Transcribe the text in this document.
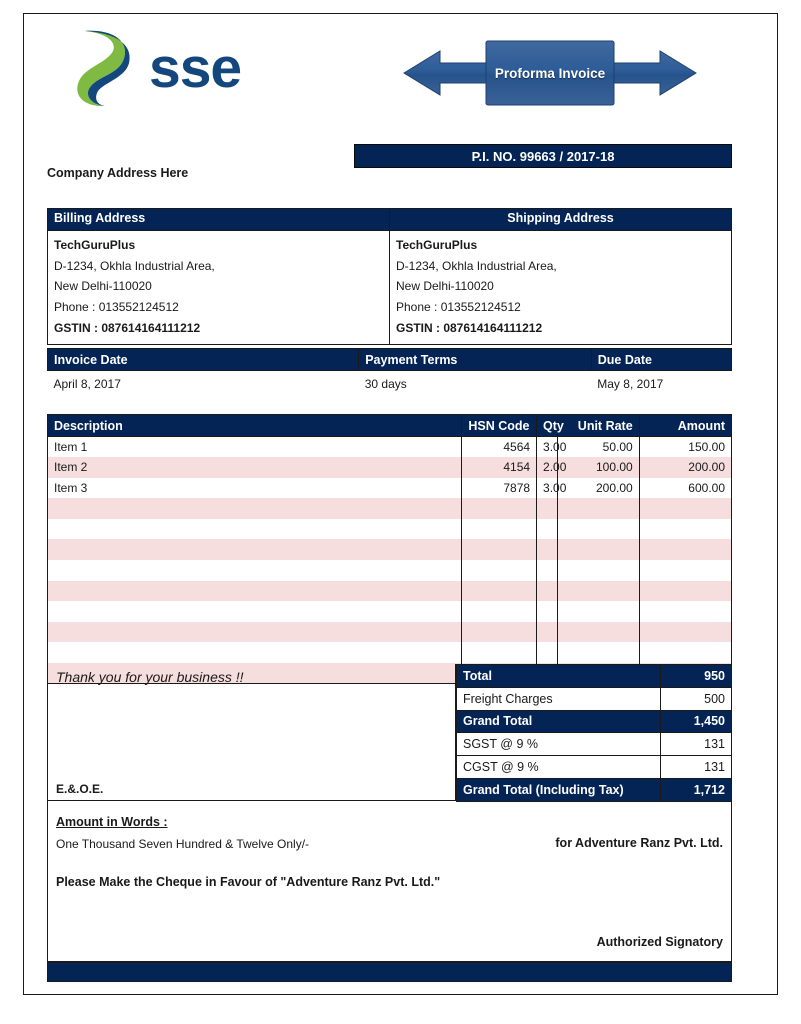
sse	Proforma Invoice
P.I. NO. 99663 / 2017-18
Company Address Here
Billing Address	Shipping Address

TechGuruPlus
D-1234, Okhla Industrial Area,
New Delhi-110020
Phone : 013552124512
GSTIN : 087614164111212

TechGuruPlus
D-1234, Okhla Industrial Area,
New Delhi-110020
Phone : 013552124512
GSTIN : 087614164111212
Invoice Date	Payment Terms	Due Date
April 8, 2017	30 days	May 8, 2017
Description	HSN Code	Qty	Unit Rate	Amount
Item 1	4564	3.00	50.00	150.00
Item 2	4154	2.00	100.00	200.00
Item 3	7878	3.00	200.00	600.00

Thank you for your business !!
E.&.O.E.
Total	950
Freight Charges	500
Grand Total	1,450
SGST @ 9 %	131
CGST @ 9 %	131
Grand Total (Including Tax)	1,712
Amount in Words :
One Thousand Seven Hundred & Twelve Only/-	for Adventure Ranz Pvt. Ltd.
Please Make the Cheque in Favour of "Adventure Ranz Pvt. Ltd."
Authorized Signatory
